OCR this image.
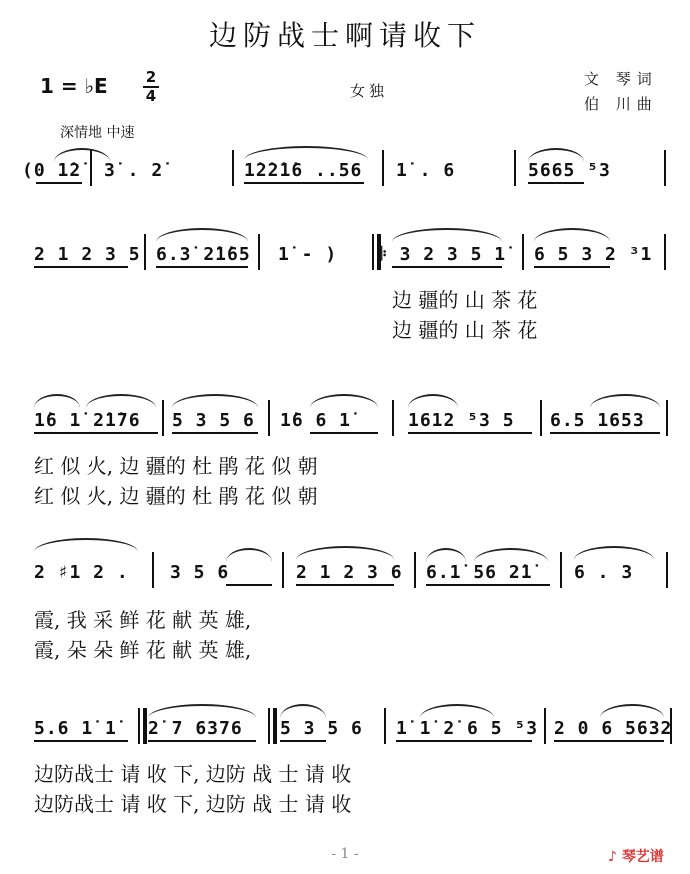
边防战士啊请收下
1 = ♭E	2
4	女独
文 琴词
伯 川曲
深情地 中速
(0 1̇2̇ 3̇ . 2̇	1̇2̇2̇1̇6 ..56 1̇ . 6	5665 ⁵3
2 1 2 3 5 6.3̇ 2̇1̇65 1̇ - ) 𝄆 3 2 3 5 1̇ 6 5 3 2 ³1
边 疆的 山 茶 花
边 疆的 山 茶 花
1̇6 1̇ 2̇1̇76 5 3 5 6 1̇6 6 1̇	1612 ⁵3 5 6.5 1653
红 似 火, 边 疆的 杜 鹃 花 似 朝
红 似 火, 边 疆的 杜 鹃 花 似 朝
2 ♯1 2 . 3 5 6	2 1 2 3 6 6.1̇ 56 2̇1̇ 6 . 3
霞, 我 采 鲜 花 献 英 雄,
霞, 朵 朵 鲜 花 献 英 雄,
5.6 1̇ 1̇ 2̇ 7 6376 5 3 5 6 1̇ 1̇ 2̇ 6 5 ⁵3 2 0 6 5632
边防战士 请 收 下, 边防 战 士 请 收
边防战士 请 收 下, 边防 战 士 请 收
- 1 -	♪ 琴艺谱
